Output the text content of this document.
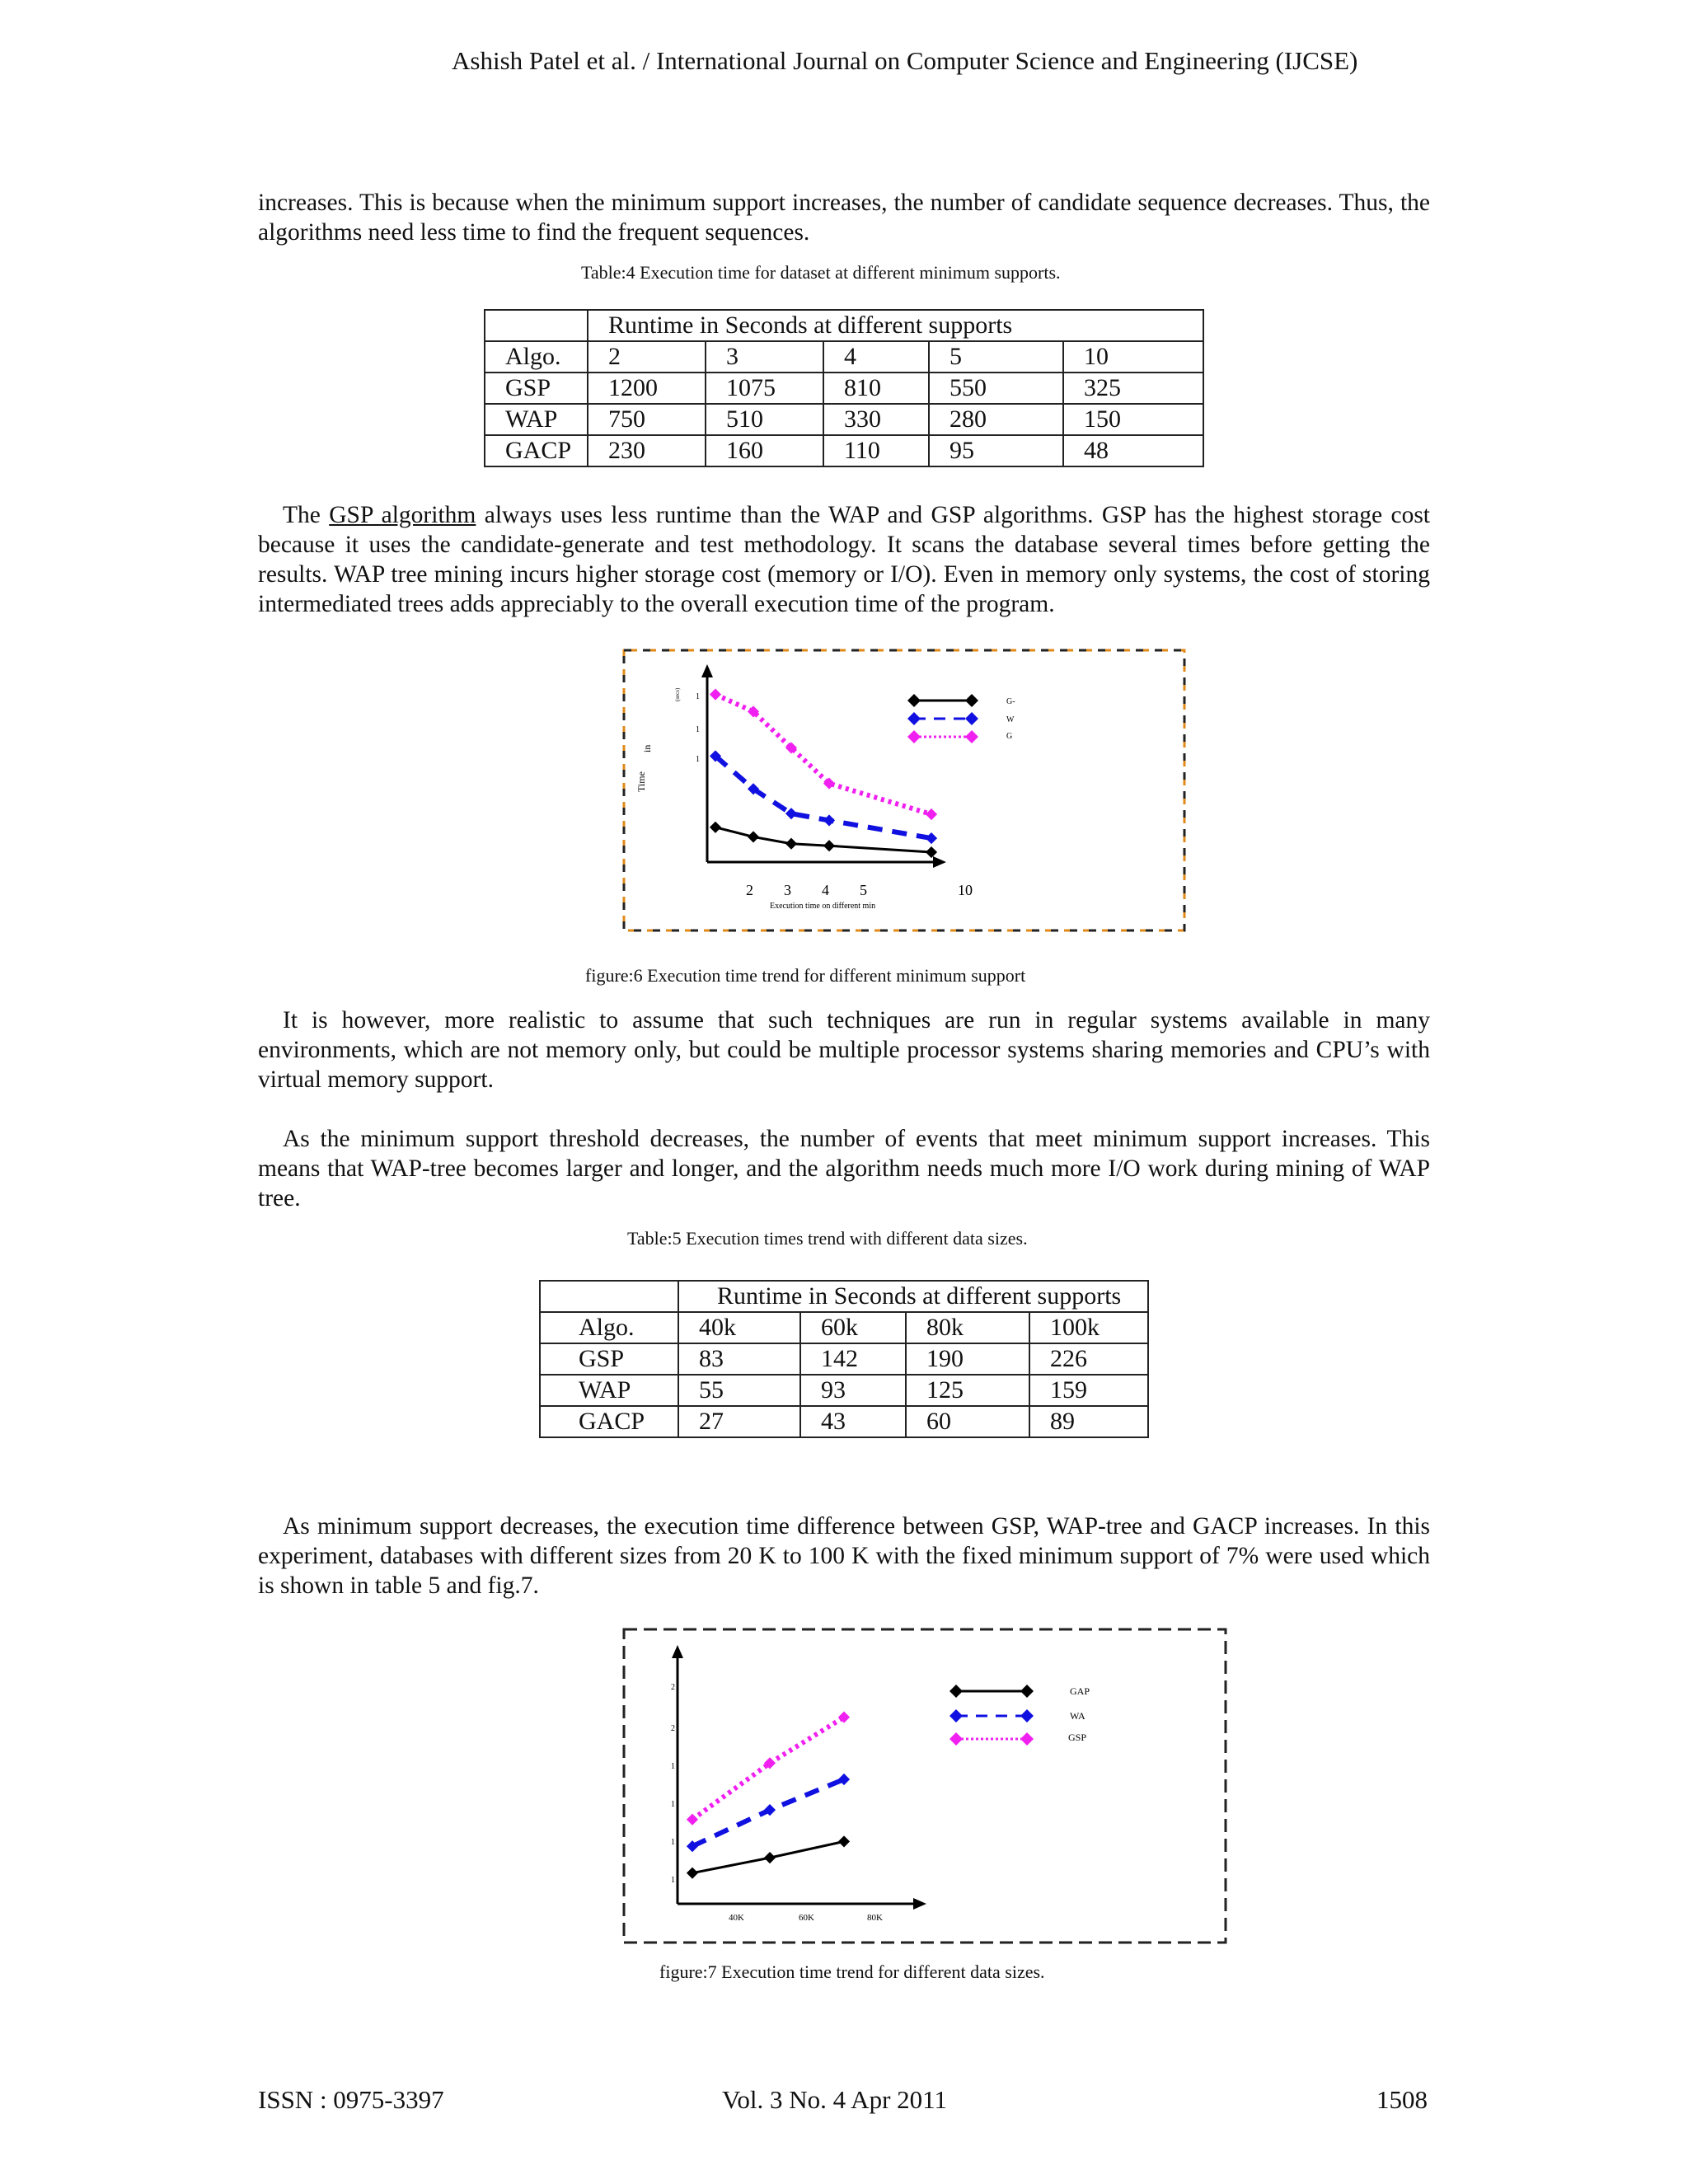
Ashish Patel et al. / International Journal on Computer Science and Engineering (IJCSE)
increases. This is because when the minimum support increases, the number of candidate sequence decreases. Thus, the algorithms need less time to find the frequent sequences.
Table:4 Execution time for dataset at different minimum supports.
	Runtime in Seconds at different supports				
Algo.	2	3	4	5	10
GSP	1200	1075	810	550	325
WAP	750	510	330	280	150
GACP	230	160	110	95	48
The GSP algorithm always uses less runtime than the WAP and GSP algorithms. GSP has the highest storage cost because it uses the candidate-generate and test methodology. It scans the database several times before getting the results. WAP tree mining incurs higher storage cost (memory or I/O). Even in memory only systems, the cost of storing intermediated trees adds appreciably to the overall execution time of the program.
Time
in
(secs) 1
1
1
2 3 4 5	10
Execution time on different min
G-
W
G
figure:6 Execution time trend for different minimum support
It is however, more realistic to assume that such techniques are run in regular systems available in many environments, which are not memory only, but could be multiple processor systems sharing memories and CPU’s with virtual memory support.
As the minimum support threshold decreases, the number of events that meet minimum support increases. This means that WAP-tree becomes larger and longer, and the algorithm needs much more I/O work during mining of WAP tree.
Table:5 Execution times trend with different data sizes.

	Runtime in Seconds at different supports			

Algo.	40k	60k	80k	100k
GSP	83	142	190	226
WAP	55	93	125	159
GACP	27	43	60	89
As minimum support decreases, the execution time difference between GSP, WAP-tree and GACP increases. In this experiment, databases with different sizes from 20 K to 100 K with the fixed minimum support of 7% were used which is shown in table 5 and fig.7.
2
2
1
1
1
1
40K	60K	80K
GAP
WA
GSP
figure:7 Execution time trend for different data sizes.
ISSN : 0975-3397	Vol. 3 No. 4 Apr 2011	1508
